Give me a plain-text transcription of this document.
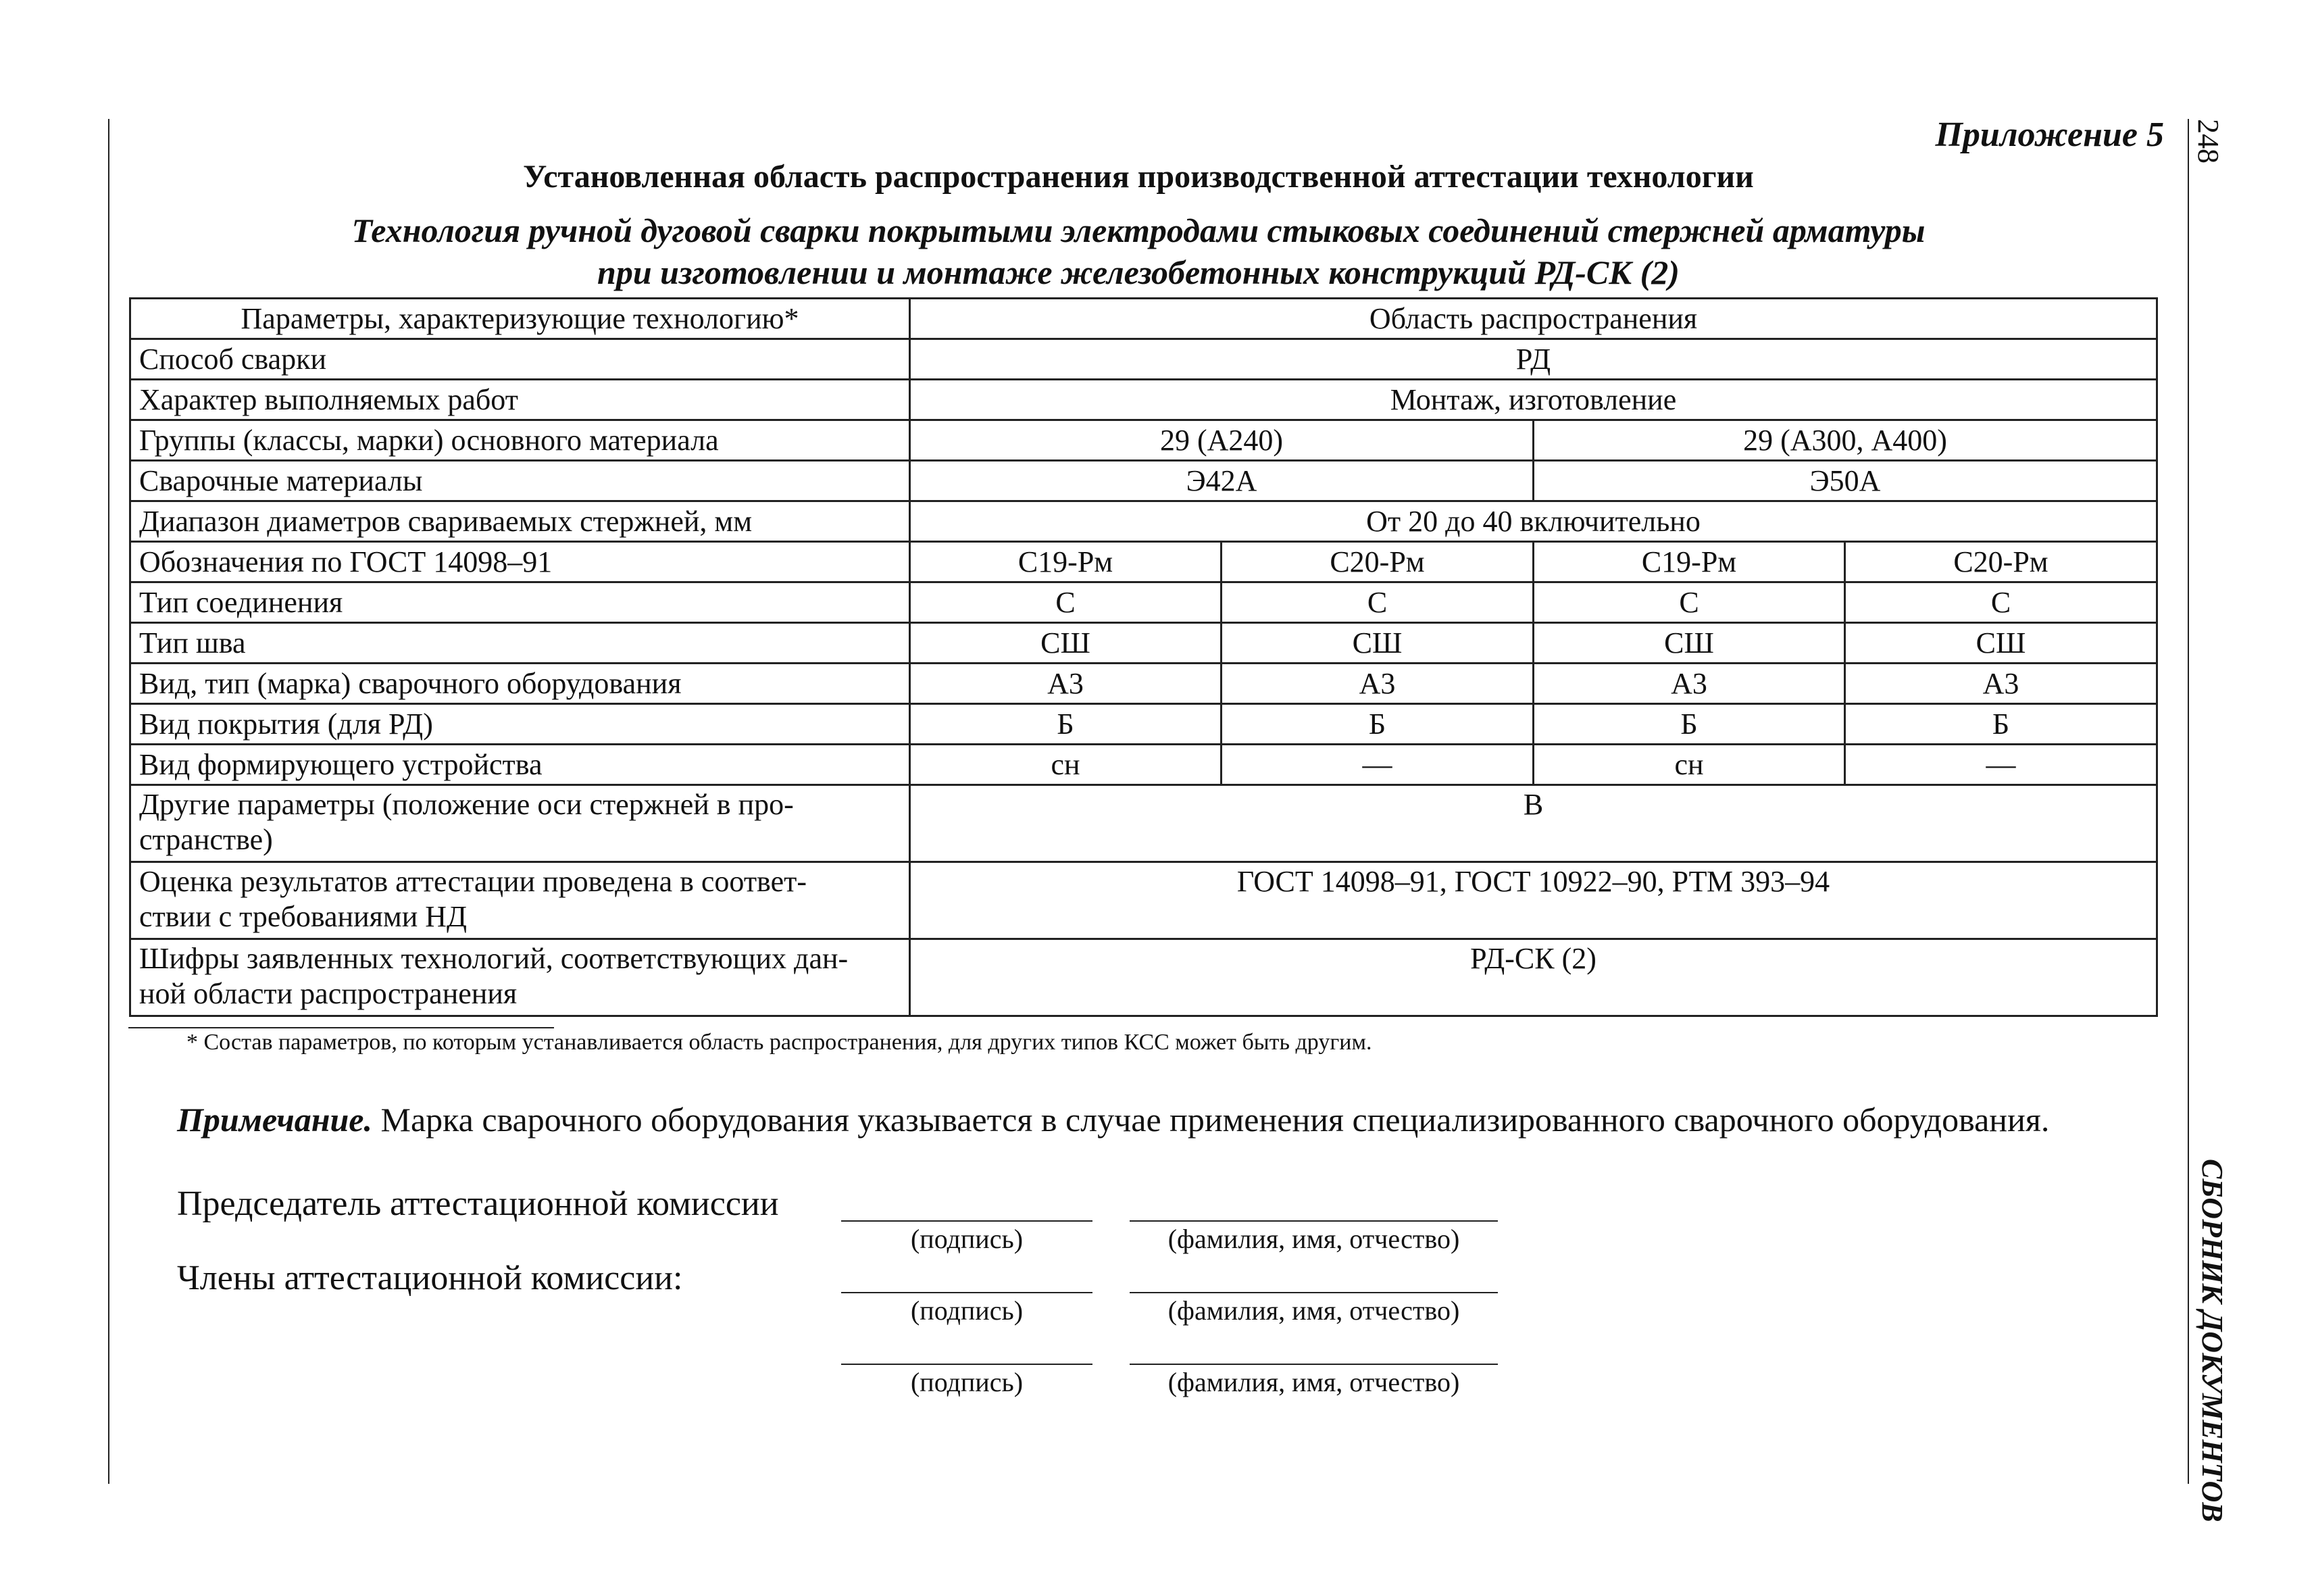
248
СБОРНИК ДОКУМЕНТОВ
Приложение 5
Установленная область распространения производственной аттестации технологии
Технология ручной дуговой сварки покрытыми электродами стыковых соединений стержней арматуры
при изготовлении и монтаже железобетонных конструкций РД-СК (2)
Параметры, характеризующие технологию*	Область распространения			
Способ сварки	РД			
Характер выполняемых работ	Монтаж, изготовление			
Группы (классы, марки) основного материала	29 (А240)		29 (А300, А400)	
Сварочные материалы	Э42А		Э50А	
Диапазон диаметров свариваемых стержней, мм	От 20 до 40 включительно			
Обозначения по ГОСТ 14098–91	С19-Рм	С20-Рм	С19-Рм	С20-Рм
Тип соединения	С	С	С	С
Тип шва	СШ	СШ	СШ	СШ
Вид, тип (марка) сварочного оборудования	А3	А3	А3	А3
Вид покрытия (для РД)	Б	Б	Б	Б
Вид формирующего устройства	сн	—	сн	—
Другие параметры (положение оси стержней в про-
странстве)	В			
Оценка результатов аттестации проведена в соответ-
ствии с требованиями НД	ГОСТ 14098–91, ГОСТ 10922–90, РТМ 393–94			
Шифры заявленных технологий, соответствующих дан-
ной области распространения	РД-СК (2)			
* Состав параметров, по которым устанавливается область распространения, для других типов КСС может быть другим.
Примечание. Марка сварочного оборудования указывается в случае применения специализированного сварочного оборудования.
Председатель аттестационной комиссии
(подпись)	(фамилия, имя, отчество)
Члены аттестационной комиссии:
(подпись)	(фамилия, имя, отчество)
(подпись)	(фамилия, имя, отчество)
